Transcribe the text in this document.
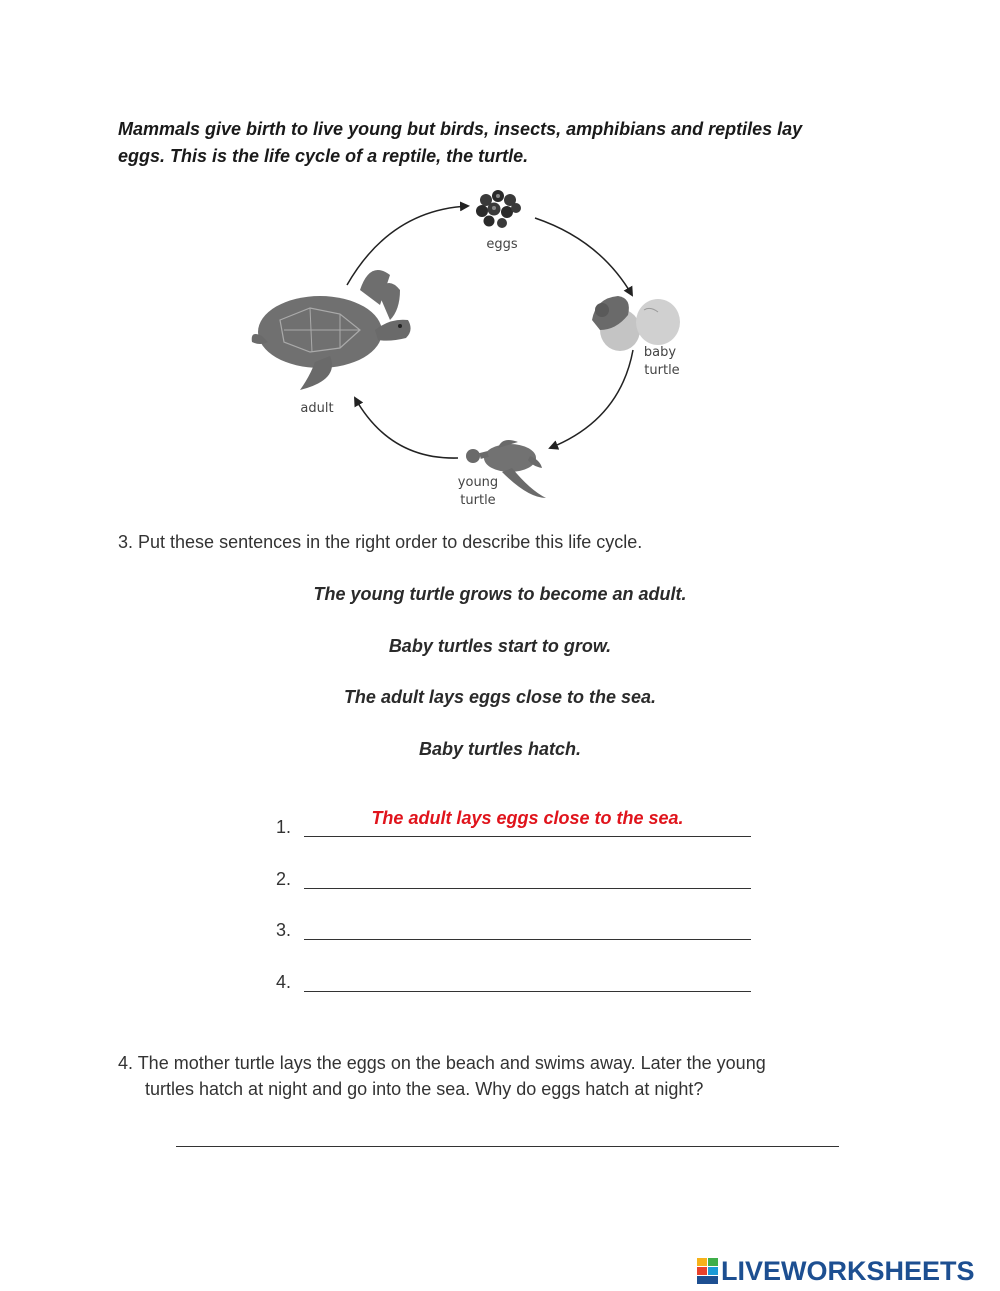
Mammals give birth to live young but birds, insects, amphibians and reptiles lay
eggs. This is the life cycle of a reptile, the turtle.
eggs
baby
turtle
young
turtle
adult
3. Put these sentences in the right order to describe this life cycle.
The young turtle grows to become an adult.
Baby turtles start to grow.
The adult lays eggs close to the sea.
Baby turtles hatch.
1.
The adult lays eggs close to the sea.
2.
3.
4.
4. The mother turtle lays the eggs on the beach and swims away. Later the young
turtles hatch at night and go into the sea. Why do eggs hatch at night?
LIVEWORKSHEETS
